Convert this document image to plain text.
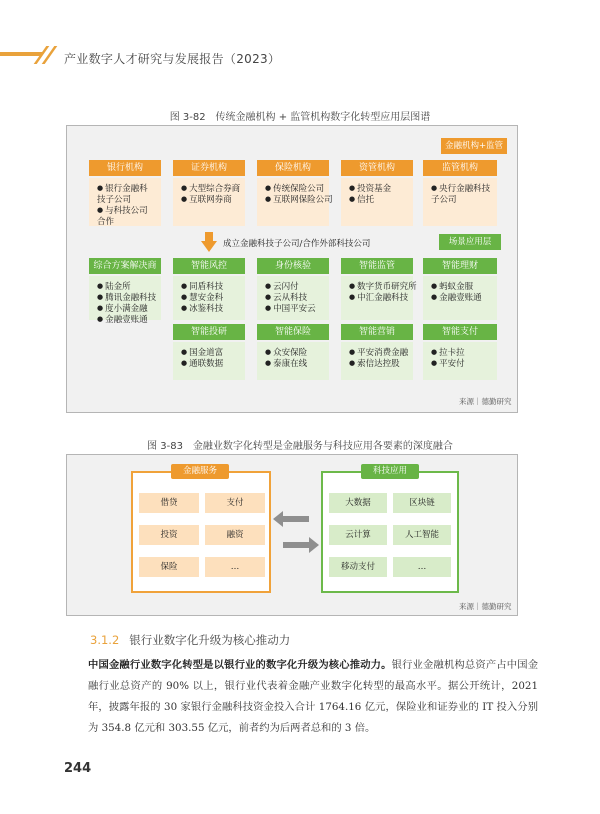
产业数字人才研究与发展报告（2023）
图 3-82　传统金融机构 + 监管机构数字化转型应用层图谱
金融机构+监管
银行机构
● 银行金融科技子公司
● 与科技公司合作
证券机构
● 大型综合券商
● 互联网券商
保险机构
● 传统保险公司
● 互联网保险公司
资管机构
● 投资基金
● 信托
监管机构
● 央行金融科技子公司
成立金融科技子公司/合作外部科技公司	场景应用层
综合方案解决商
● 陆金所
● 腾讯金融科技
● 度小满金融
● 金融壹账通
智能风控
● 同盾科技
● 慧安金科
● 冰鉴科技
身份核验
● 云闪付
● 云从科技
● 中国平安云
智能监管
● 数字货币研究所
● 中汇金融科技
智能理财
● 蚂蚁金服
● 金融壹账通
智能投研
● 国金道富
● 通联数据
智能保险
● 众安保险
● 泰康在线
智能营销
● 平安消费金融
● 索信达控股
智能支付
● 拉卡拉
● 平安付
来源｜德勤研究
图 3-83　金融业数字化转型是金融服务与科技应用各要素的深度融合
金融服务
借贷	支付
投资	融资
保险	…
科技应用
大数据	区块链
云计算	人工智能
移动支付	…
来源｜德勤研究
3.1.2 银行业数字化升级为核心推动力
中国金融行业数字化转型是以银行业的数字化升级为核心推动力。银行业金融机构总资产占中国金融行业总资产的 90% 以上，银行业代表着金融产业数字化转型的最高水平。据公开统计，2021 年，披露年报的 30 家银行金融科技资金投入合计 1764.16 亿元，保险业和证券业的 IT 投入分别为 354.8 亿元和 303.55 亿元，前者约为后两者总和的 3 倍。
244
